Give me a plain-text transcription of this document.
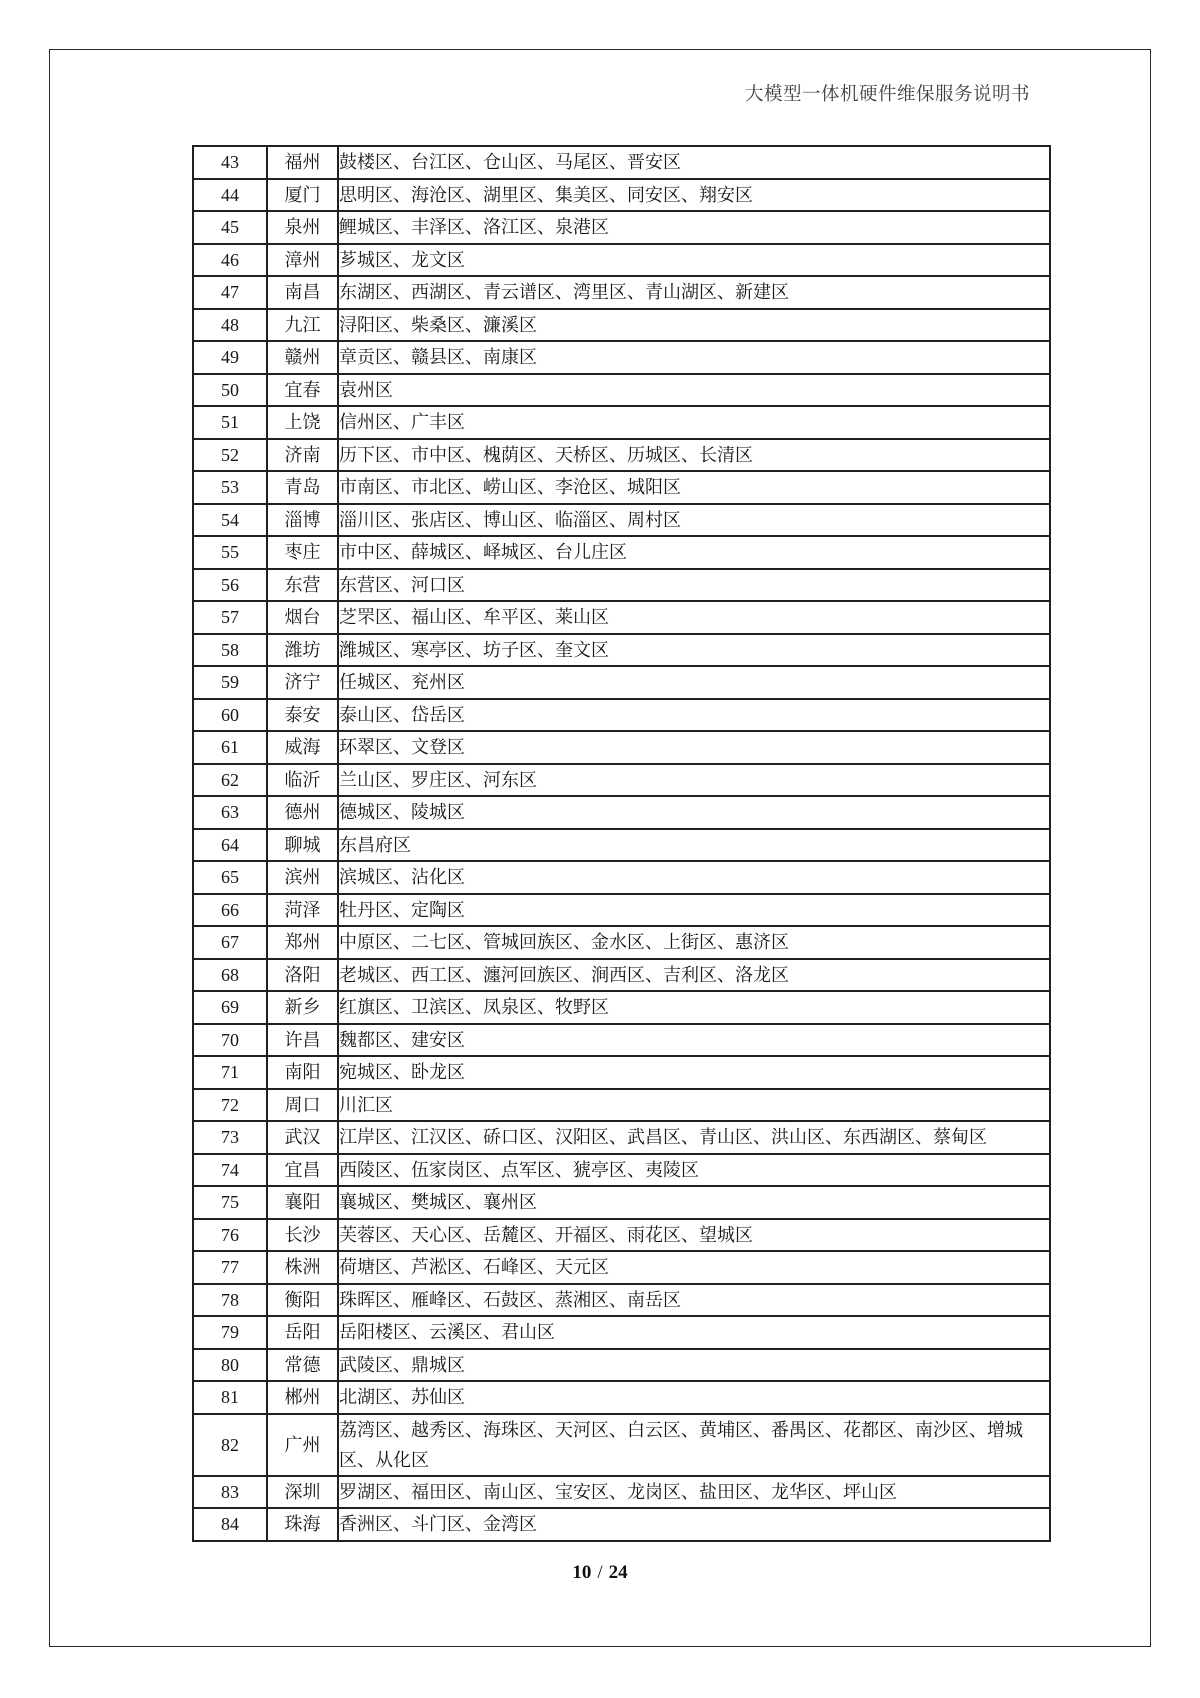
大模型一体机硬件维保服务说明书
43	福州	鼓楼区、台江区、仓山区、马尾区、晋安区
44	厦门	思明区、海沧区、湖里区、集美区、同安区、翔安区
45	泉州	鲤城区、丰泽区、洛江区、泉港区
46	漳州	芗城区、龙文区
47	南昌	东湖区、西湖区、青云谱区、湾里区、青山湖区、新建区
48	九江	浔阳区、柴桑区、濂溪区
49	赣州	章贡区、赣县区、南康区
50	宜春	袁州区
51	上饶	信州区、广丰区
52	济南	历下区、市中区、槐荫区、天桥区、历城区、长清区
53	青岛	市南区、市北区、崂山区、李沧区、城阳区
54	淄博	淄川区、张店区、博山区、临淄区、周村区
55	枣庄	市中区、薛城区、峄城区、台儿庄区
56	东营	东营区、河口区
57	烟台	芝罘区、福山区、牟平区、莱山区
58	潍坊	潍城区、寒亭区、坊子区、奎文区
59	济宁	任城区、兖州区
60	泰安	泰山区、岱岳区
61	威海	环翠区、文登区
62	临沂	兰山区、罗庄区、河东区
63	德州	德城区、陵城区
64	聊城	东昌府区
65	滨州	滨城区、沾化区
66	菏泽	牡丹区、定陶区
67	郑州	中原区、二七区、管城回族区、金水区、上街区、惠济区
68	洛阳	老城区、西工区、瀍河回族区、涧西区、吉利区、洛龙区
69	新乡	红旗区、卫滨区、凤泉区、牧野区
70	许昌	魏都区、建安区
71	南阳	宛城区、卧龙区
72	周口	川汇区
73	武汉	江岸区、江汉区、硚口区、汉阳区、武昌区、青山区、洪山区、东西湖区、蔡甸区
74	宜昌	西陵区、伍家岗区、点军区、猇亭区、夷陵区
75	襄阳	襄城区、樊城区、襄州区
76	长沙	芙蓉区、天心区、岳麓区、开福区、雨花区、望城区
77	株洲	荷塘区、芦淞区、石峰区、天元区
78	衡阳	珠晖区、雁峰区、石鼓区、蒸湘区、南岳区
79	岳阳	岳阳楼区、云溪区、君山区
80	常德	武陵区、鼎城区
81	郴州	北湖区、苏仙区
82	广州	荔湾区、越秀区、海珠区、天河区、白云区、黄埔区、番禺区、花都区、南沙区、增城区、从化区
83	深圳	罗湖区、福田区、南山区、宝安区、龙岗区、盐田区、龙华区、坪山区
84	珠海	香洲区、斗门区、金湾区
10 / 24
